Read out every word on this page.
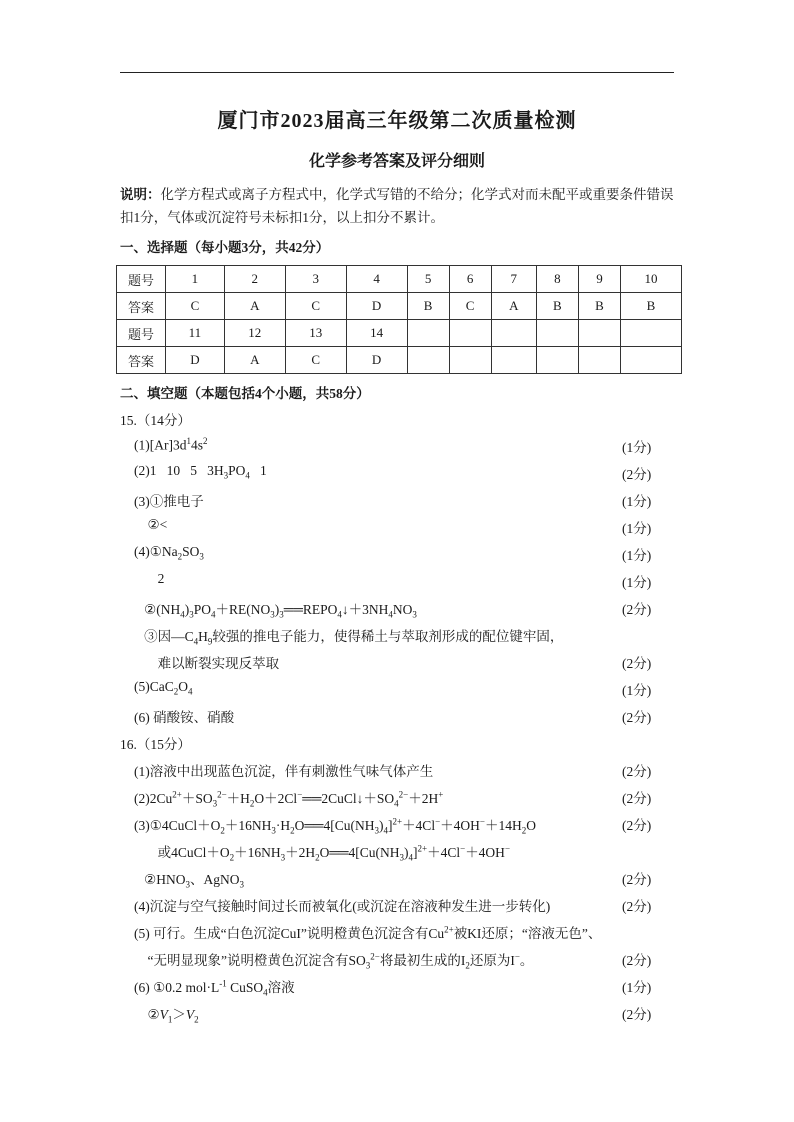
厦门市2023届高三年级第二次质量检测
化学参考答案及评分细则
说明：化学方程式或离子方程式中，化学式写错的不给分；化学式对而未配平或重要条件错误扣1分，气体或沉淀符号未标扣1分，以上扣分不累计。
一、选择题（每小题3分，共42分）
题号	1	2	3	4	5	6	7	8	9	10
答案	C	A	C	D	B	C	A	B	B	B
题号	11	12	13	14						
答案	D	A	C	D						
二、填空题（本题包括4个小题，共58分）
15.（14分）
$(1)[Ar]3d^14s^2$	(1分)
(2)1   10   5   $3H_3PO_4$   1	(2分)
(3)①推电子	(1分)
②<	(1分)
$(4)①Na_2SO_3$	(1分)
2	(1分)
$②(NH_4)_3PO_4+RE(NO_3)_3══REPO_4↓+3NH_4NO_3$	(2分)
③因$—C_4H_9$较强的推电子能力，使得稀土与萃取剂形成的配位键牢固，
难以断裂实现反萃取	(2分)
$(5)CaC_2O_4$	(1分)
(6) 硝酸铵、硝酸	(2分)
16.（15分）
(1)溶液中出现蓝色沉淀，伴有刺激性气味气体产生	(2分)
$(2)2Cu^{2+}+SO_3^{2-}+H_2O+2Cl^-══2CuCl↓+SO_4^{2-}+2H^+$	(2分)
$(3)①4CuCl+O_2+16NH_3\cdot H_2O══4[Cu(NH_3)_4]^{2+}+4Cl^-+4OH^-+14H_2O$	(2分)
或$4CuCl+O_2+16NH_3+2H_2O══4[Cu(NH_3)_4]^{2+}+4Cl^-+4OH^-$
$②HNO_3$、AgNO$_3$	(2分)
(4)沉淀与空气接触时间过长而被氧化(或沉淀在溶液种发生进一步转化)	(2分)
(5) 可行。生成“白色沉淀CuI”说明橙黄色沉淀含有$Cu^{2+}$被KI还原；“溶液无色”、
“无明显现象”说明橙黄色沉淀含有$SO_3^{2-}$将最初生成的$I_2$还原为I−。	(2分)
(6) ①0.2 $mol\cdot L^{-1}$ CuSO$_4$溶液	(1分)
$②V_1>V_2$	(2分)
